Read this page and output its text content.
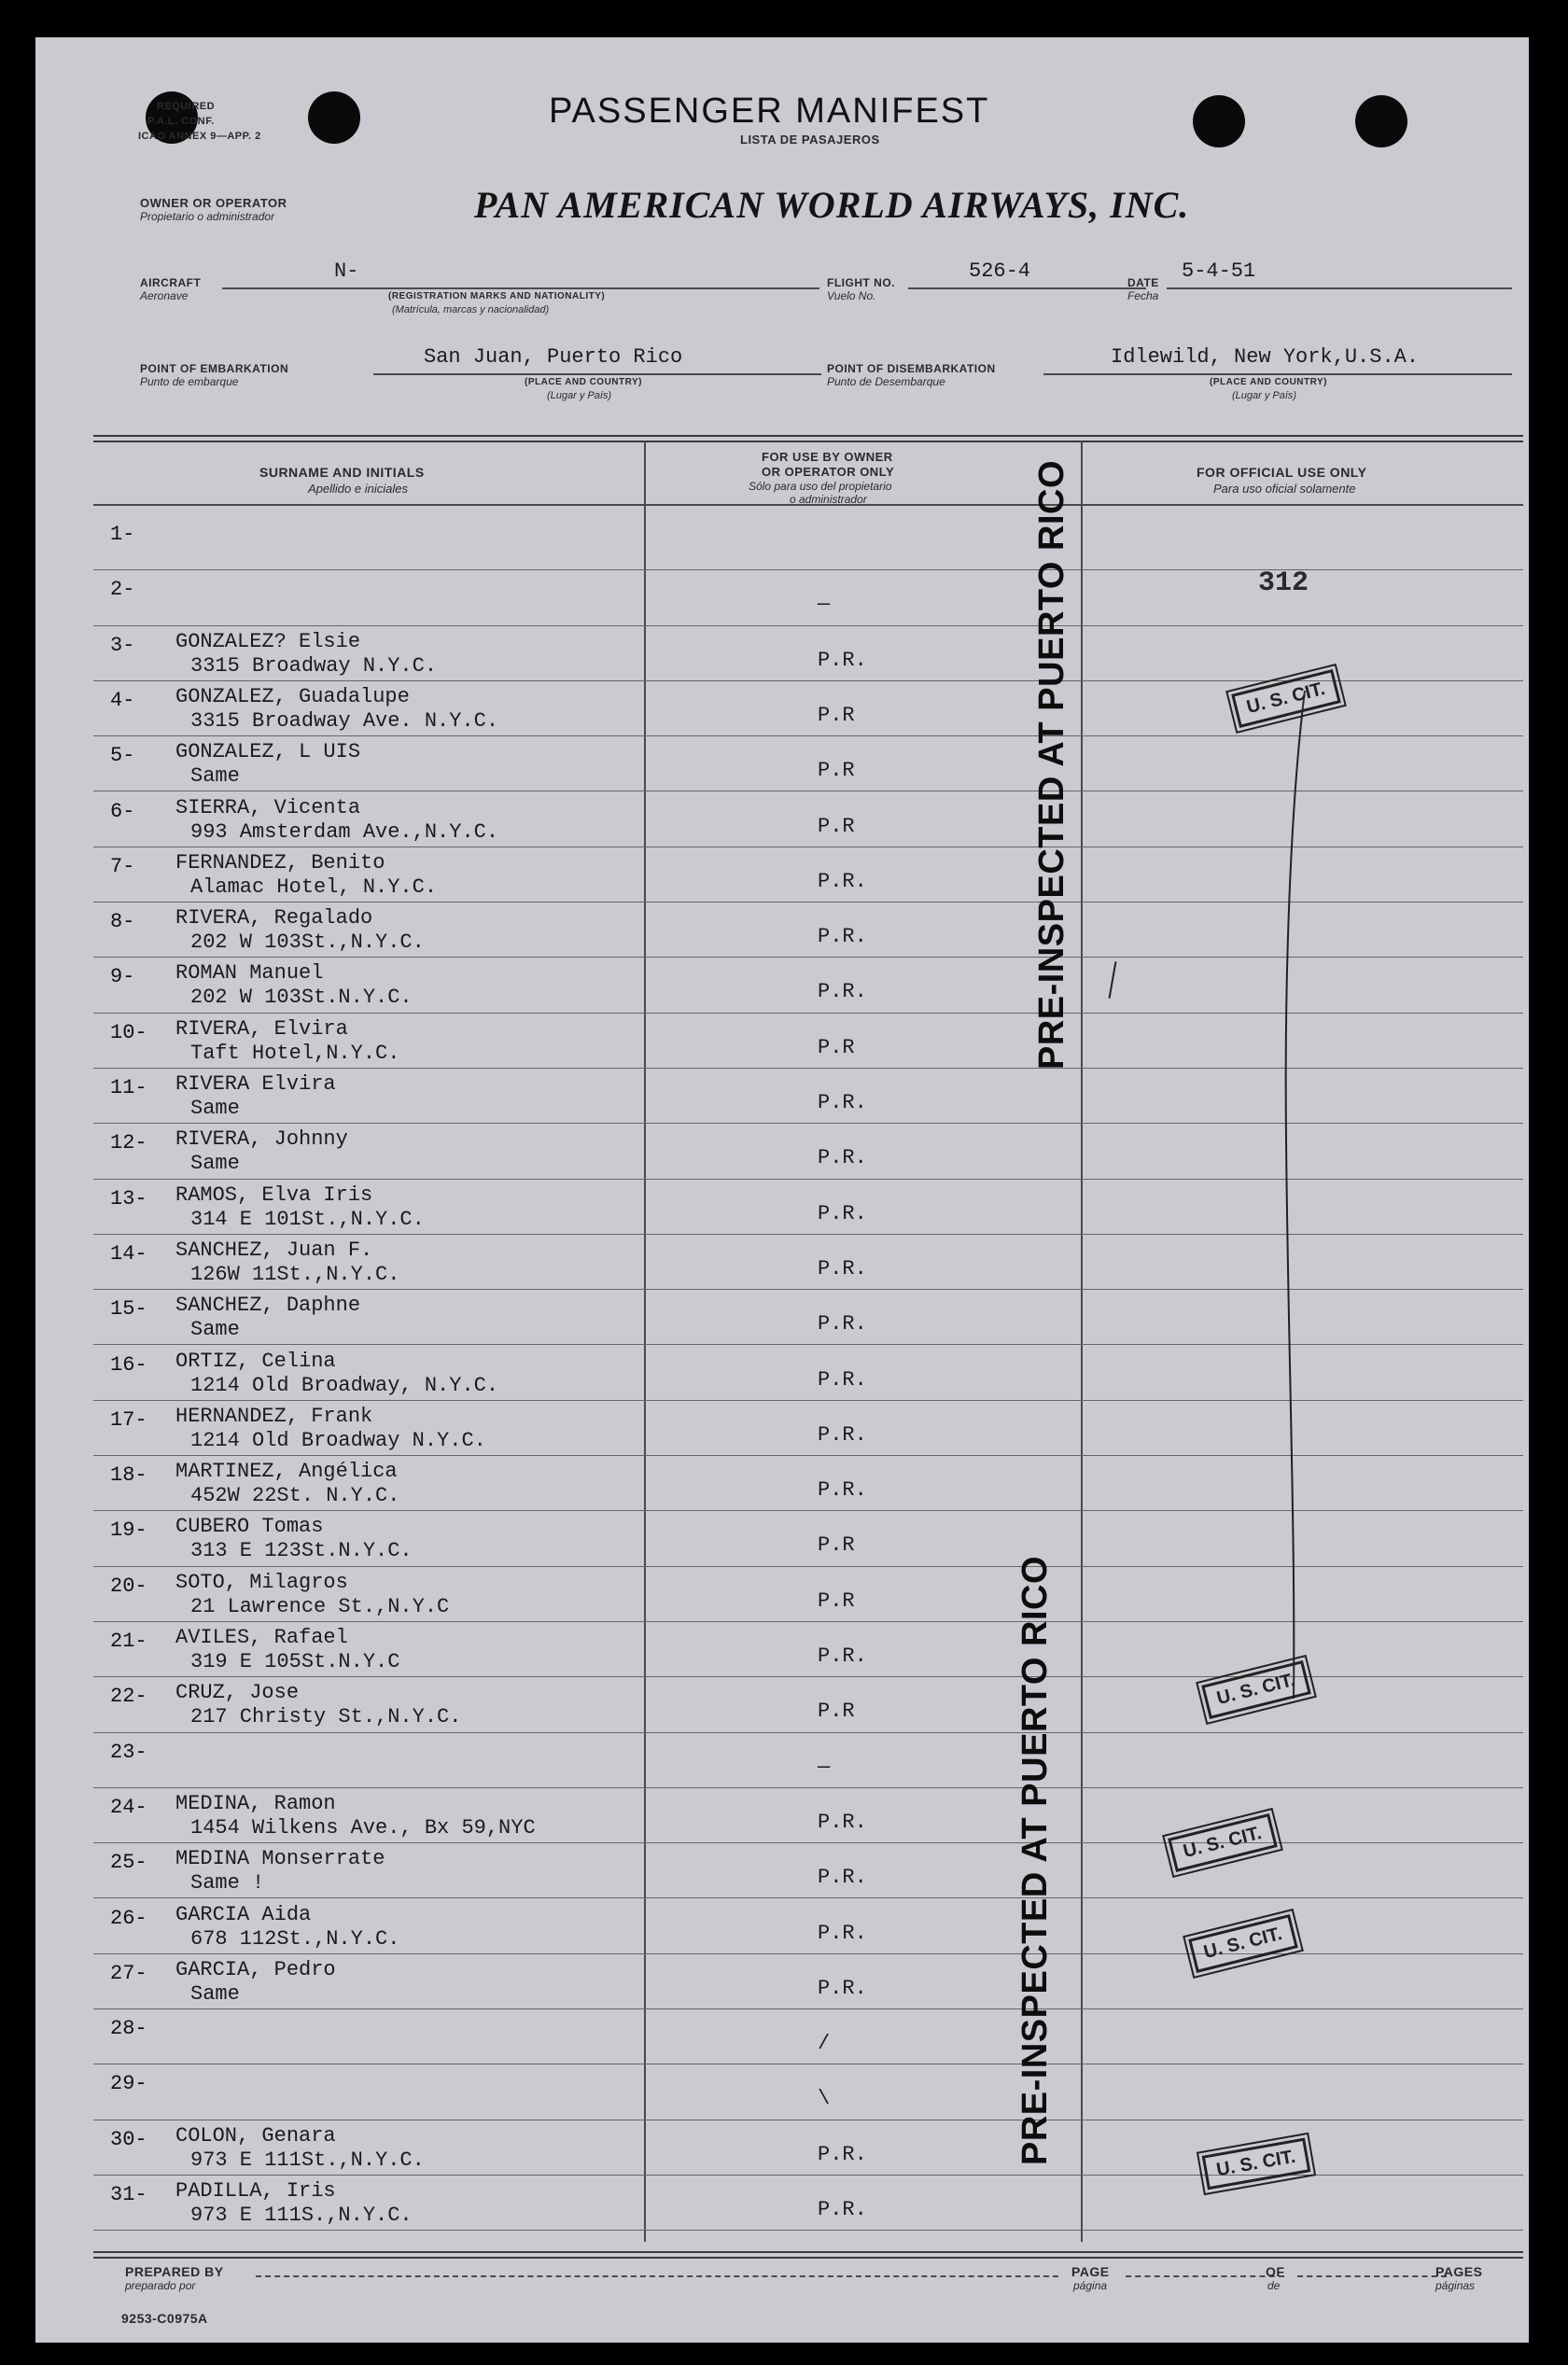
REQUIRED
P.A.L. CONF.
ICAO ANNEX 9—APP. 2
PASSENGER MANIFEST
LISTA DE PASAJEROS
OWNER OR OPERATOR
Propietario o administrador	PAN AMERICAN WORLD AIRWAYS, INC.
AIRCRAFT
Aeronave
N-
(REGISTRATION MARKS AND NATIONALITY)
(Matrícula, marcas y nacionalidad)
FLIGHT NO.
Vuelo No.
526-4	DATE
Fecha
5-4-51
POINT OF EMBARKATION
Punto de embarque
San Juan, Puerto Rico
(PLACE AND COUNTRY)
(Lugar y País)
POINT OF DISEMBARKATION
Punto de Desembarque
Idlewild, New York,U.S.A.
(PLACE AND COUNTRY)
(Lugar y País)
SURNAME AND INITIALS
Apellido e iniciales
FOR USE BY OWNER
OR OPERATOR ONLY
Sólo para uso del propietario
o administrador
FOR OFFICIAL USE ONLY
Para uso oficial solamente
1-
2-
—
3- GONZALEZ? Elsie
3315 Broadway N.Y.C.	P.R.
4- GONZALEZ, Guadalupe
3315 Broadway Ave. N.Y.C.	P.R
5- GONZALEZ, L UIS
Same	P.R
6- SIERRA, Vicenta
993 Amsterdam Ave.,N.Y.C.	P.R
7- FERNANDEZ, Benito
Alamac Hotel, N.Y.C.	P.R.
8- RIVERA, Regalado
202 W 103St.,N.Y.C.	P.R.
9- ROMAN Manuel
202 W 103St.N.Y.C.	P.R.
10- RIVERA, Elvira
Taft Hotel,N.Y.C.	P.R
11- RIVERA Elvira
Same	P.R.
12- RIVERA, Johnny
Same	P.R.
13- RAMOS, Elva Iris
314 E 101St.,N.Y.C.	P.R.
14- SANCHEZ, Juan F.
126W 11St.,N.Y.C.	P.R.
15- SANCHEZ, Daphne
Same	P.R.
16- ORTIZ, Celina
1214 Old Broadway, N.Y.C.	P.R.
17- HERNANDEZ, Frank
1214 Old Broadway N.Y.C.	P.R.
18- MARTINEZ, Angélica
452W 22St. N.Y.C.	P.R.
19- CUBERO Tomas
313 E 123St.N.Y.C.	P.R
20- SOTO, Milagros
21 Lawrence St.,N.Y.C	P.R
21- AVILES, Rafael
319 E 105St.N.Y.C	P.R.
22- CRUZ, Jose
217 Christy St.,N.Y.C.	P.R
23-
—
24- MEDINA, Ramon
1454 Wilkens Ave., Bx 59,NYC	P.R.
25- MEDINA Monserrate
Same !	P.R.
26- GARCIA Aida
678 112St.,N.Y.C.	P.R.
27- GARCIA, Pedro
Same	P.R.
28-
/
29-
\
30- COLON, Genara
973 E 111St.,N.Y.C.	P.R.
31- PADILLA, Iris
973 E 111S.,N.Y.C.	P.R.
312
PRE-INSPECTED AT PUERTO RICO
PRE-INSPECTED AT PUERTO RICO
U. S. CIT.
U. S. CIT.
U. S. CIT.
U. S. CIT.
U. S. CIT.
PREPARED BY
preparado por
PAGE
página
OF
de
PAGES
páginas
9253-C0975A
